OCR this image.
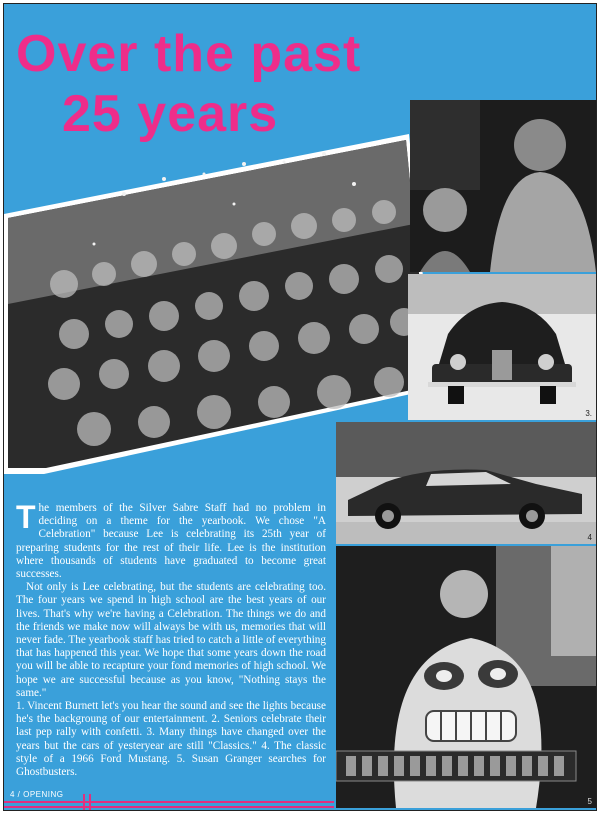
Over the past
25 years
3.
4
5

The members of the Silver Sabre Staff had no problem in deciding on a theme for the yearbook. We chose "A Celebration" because Lee is celebrating its 25th year of preparing students for the rest of their life. Lee is the institution where thousands of students have graduated to become great successes.

Not only is Lee celebrating, but the students are celebrating too. The four years we spend in high school are the best years of our lives. That's why we're having a Celebration. The things we do and the friends we make now will always be with us, memories that will never fade. The yearbook staff has tried to catch a little of everything that has happened this year. We hope that some years down the road you will be able to recapture your fond memories of high school. We hope we are successful because as you know, "Nothing stays the same."

1. Vincent Burnett let's you hear the sound and see the lights because he's the backgroung of our entertainment. 2. Seniors celebrate their last pep rally with confetti. 3. Many things have changed over the years but the cars of yesteryear are still "Classics." 4. The classic style of a 1966 Ford Mustang. 5. Susan Granger searches for Ghostbusters.

4 / OPENING
